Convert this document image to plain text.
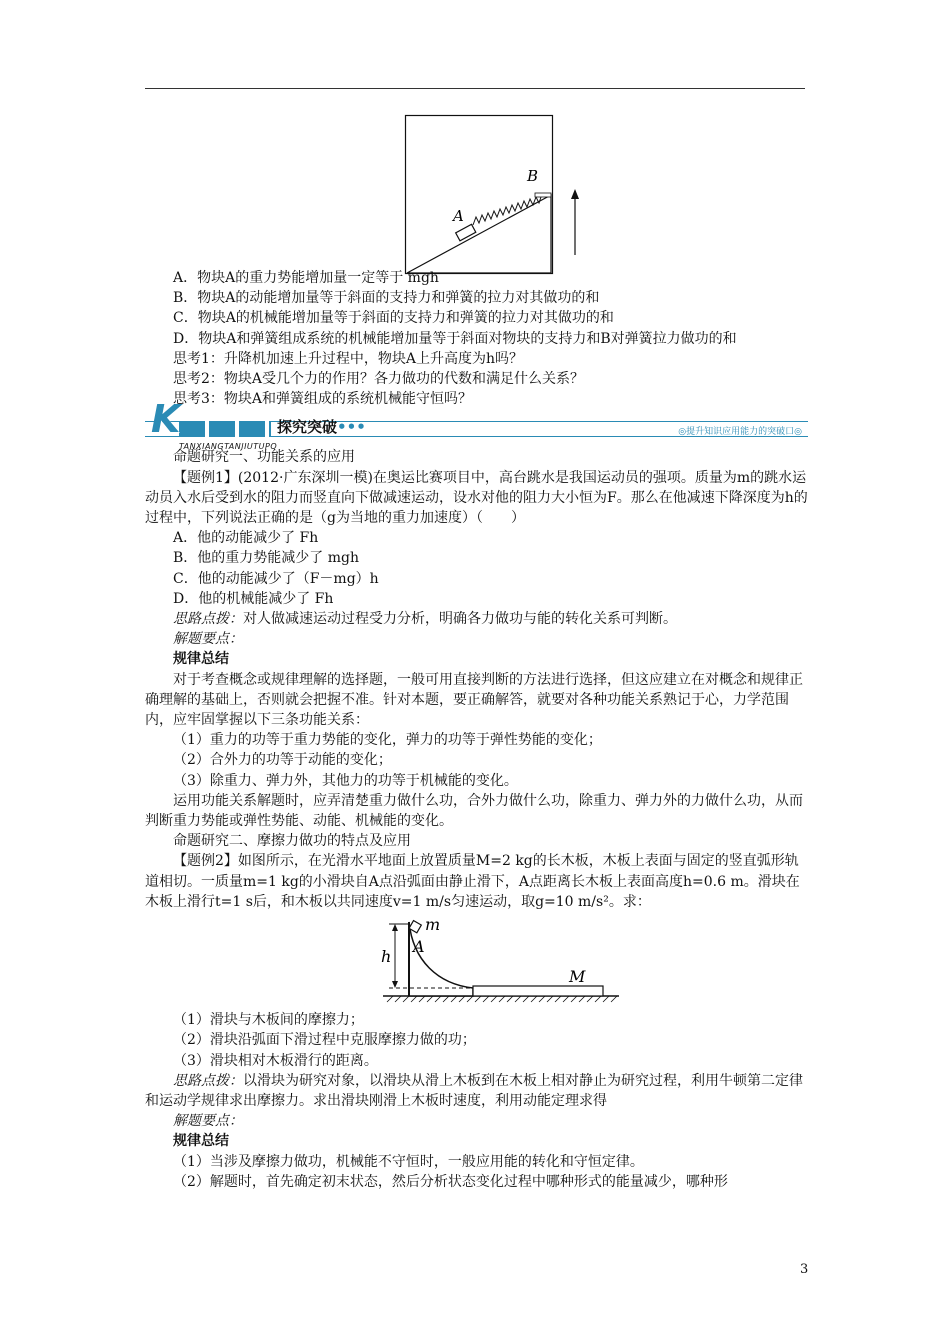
A
B

A．物块A的重力势能增加量一定等于 mgh

B．物块A的动能增加量等于斜面的支持力和弹簧的拉力对其做功的和

C．物块A的机械能增加量等于斜面的支持力和弹簧的拉力对其做功的和

D．物块A和弹簧组成系统的机械能增加量等于斜面对物块的支持力和B对弹簧拉力做功的和

思考1：升降机加速上升过程中，物块A上升高度为h吗？

思考2：物块A受几个力的作用？各力做功的代数和满足什么关系？

思考3：物块A和弹簧组成的系统机械能守恒吗？

K	探究突破•••
TANXIANGTANJIUTUPO
◎提升知识应用能力的突破口◎

命题研究一、功能关系的应用

【题例1】(2012·广东深圳一模)在奥运比赛项目中，高台跳水是我国运动员的强项。质量为m的跳水运动员入水后受到水的阻力而竖直向下做减速运动，设水对他的阻力大小恒为F。那么在他减速下降深度为h的过程中，下列说法正确的是（g为当地的重力加速度）（　　）

A．他的动能减少了 Fh

B．他的重力势能减少了 mgh

C．他的动能减少了（F－mg）h

D．他的机械能减少了 Fh

思路点拨：对人做减速运动过程受力分析，明确各力做功与能的转化关系可判断。

解题要点：

规律总结

对于考查概念或规律理解的选择题，一般可用直接判断的方法进行选择，但这应建立在对概念和规律正确理解的基础上，否则就会把握不准。针对本题，要正确解答，就要对各种功能关系熟记于心，力学范围内，应牢固掌握以下三条功能关系：

（1）重力的功等于重力势能的变化，弹力的功等于弹性势能的变化；

（2）合外力的功等于动能的变化；

（3）除重力、弹力外，其他力的功等于机械能的变化。

运用功能关系解题时，应弄清楚重力做什么功，合外力做什么功，除重力、弹力外的力做什么功，从而判断重力势能或弹性势能、动能、机械能的变化。

命题研究二、摩擦力做功的特点及应用

【题例2】如图所示，在光滑水平地面上放置质量M=2 kg的长木板，木板上表面与固定的竖直弧形轨道相切。一质量m=1 kg的小滑块自A点沿弧面由静止滑下，A点距离长木板上表面高度h=0.6 m。滑块在木板上滑行t=1 s后，和木板以共同速度v=1 m/s匀速运动，取g=10 m/s²。求：

m
A
h
M

（1）滑块与木板间的摩擦力；

（2）滑块沿弧面下滑过程中克服摩擦力做的功；

（3）滑块相对木板滑行的距离。

思路点拨：以滑块为研究对象，以滑块从滑上木板到在木板上相对静止为研究过程，利用牛顿第二定律和运动学规律求出摩擦力。求出滑块刚滑上木板时速度，利用动能定理求得

解题要点：

规律总结

（1）当涉及摩擦力做功，机械能不守恒时，一般应用能的转化和守恒定律。

（2）解题时，首先确定初末状态，然后分析状态变化过程中哪种形式的能量减少，哪种形

3
